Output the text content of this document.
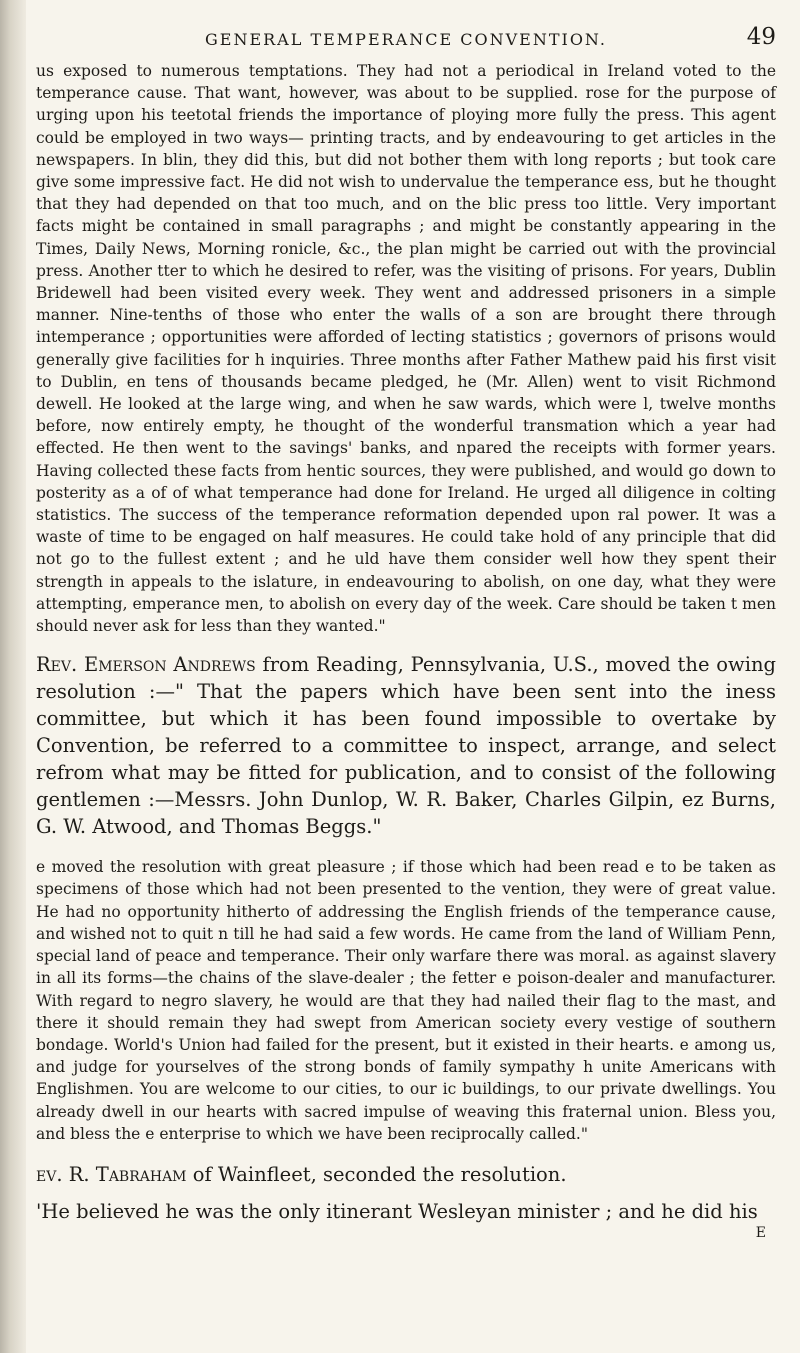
GENERAL TEMPERANCE CONVENTION.	49

us exposed to numerous temptations. They had not a periodical in Ireland voted to the temperance cause. That want, however, was about to be supplied. rose for the purpose of urging upon his teetotal friends the importance of ploying more fully the press. This agent could be employed in two ways— printing tracts, and by endeavouring to get articles in the newspapers. In blin, they did this, but did not bother them with long reports ; but took care give some impressive fact. He did not wish to undervalue the temperance ess, but he thought that they had depended on that too much, and on the blic press too little. Very important facts might be contained in small paragraphs ; and might be constantly appearing in the Times, Daily News, Morning ronicle, &c., the plan might be carried out with the provincial press. Another tter to which he desired to refer, was the visiting of prisons. For years, Dublin Bridewell had been visited every week. They went and addressed prisoners in a simple manner. Nine-tenths of those who enter the walls of a son are brought there through intemperance ; opportunities were afforded of lecting statistics ; governors of prisons would generally give facilities for h inquiries. Three months after Father Mathew paid his first visit to Dublin, en tens of thousands became pledged, he (Mr. Allen) went to visit Richmond dewell. He looked at the large wing, and when he saw wards, which were l, twelve months before, now entirely empty, he thought of the wonderful transmation which a year had effected. He then went to the savings' banks, and npared the receipts with former years. Having collected these facts from hentic sources, they were published, and would go down to posterity as a of of what temperance had done for Ireland. He urged all diligence in colting statistics. The success of the temperance reformation depended upon ral power. It was a waste of time to be engaged on half measures. He could take hold of any principle that did not go to the fullest extent ; and he uld have them consider well how they spent their strength in appeals to the islature, in endeavouring to abolish, on one day, what they were attempting, emperance men, to abolish on every day of the week. Care should be taken t men should never ask for less than they wanted."

Rev. Emerson Andrews from Reading, Pennsylvania, U.S., moved the owing resolution :—" That the papers which have been sent into the iness committee, but which it has been found impossible to overtake by Convention, be referred to a committee to inspect, arrange, and select refrom what may be fitted for publication, and to consist of the following gentlemen :—Messrs. John Dunlop, W. R. Baker, Charles Gilpin, ez Burns, G. W. Atwood, and Thomas Beggs."

e moved the resolution with great pleasure ; if those which had been read e to be taken as specimens of those which had not been presented to the vention, they were of great value. He had no opportunity hitherto of addressing the English friends of the temperance cause, and wished not to quit n till he had said a few words. He came from the land of William Penn, special land of peace and temperance. Their only warfare there was moral. as against slavery in all its forms—the chains of the slave-dealer ; the fetter e poison-dealer and manufacturer. With regard to negro slavery, he would are that they had nailed their flag to the mast, and there it should remain they had swept from American society every vestige of southern bondage. World's Union had failed for the present, but it existed in their hearts. e among us, and judge for yourselves of the strong bonds of family sympathy h unite Americans with Englishmen. You are welcome to our cities, to our ic buildings, to our private dwellings. You already dwell in our hearts with sacred impulse of weaving this fraternal union. Bless you, and bless the e enterprise to which we have been reciprocally called."

ev. R. Tabraham of Wainfleet, seconded the resolution.

'He believed he was the only itinerant Wesleyan minister ; and he did his

E
